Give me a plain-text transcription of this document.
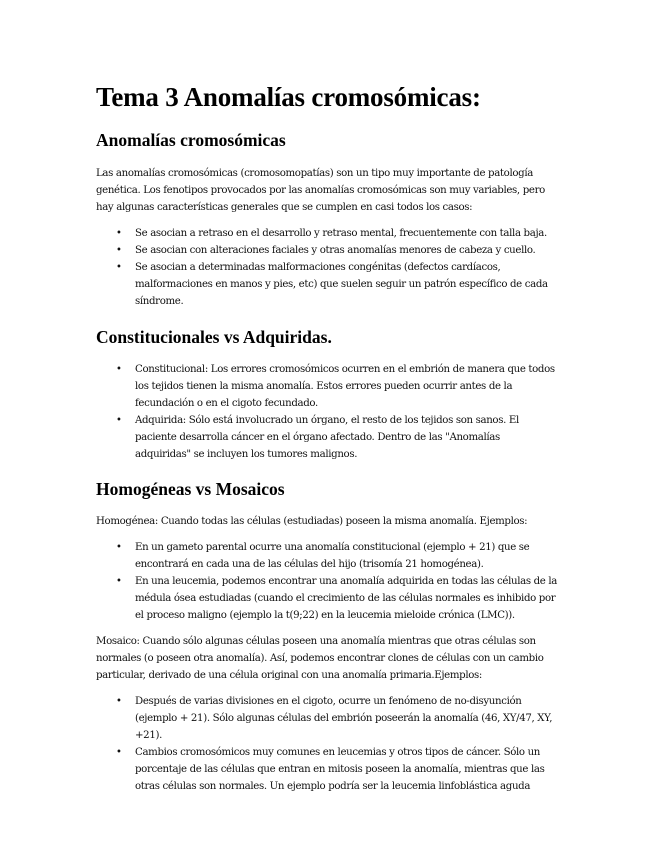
Tema 3 Anomalías cromosómicas:
Anomalías cromosómicas

Las anomalías cromosómicas (cromosomopatías) son un tipo muy importante de patología genética. Los fenotipos provocados por las anomalías cromosómicas son muy variables, pero hay algunas características generales que se cumplen en casi todos los casos:

• Se asocian a retraso en el desarrollo y retraso mental, frecuentemente con talla baja.
• Se asocian con alteraciones faciales y otras anomalías menores de cabeza y cuello.
• Se asocian a determinadas malformaciones congénitas (defectos cardíacos, malformaciones en manos y pies, etc) que suelen seguir un patrón específico de cada síndrome.
Constitucionales vs Adquiridas.
• Constitucional: Los errores cromosómicos ocurren en el embrión de manera que todos los tejidos tienen la misma anomalía. Estos errores pueden ocurrir antes de la fecundación o en el cigoto fecundado.
• Adquirida: Sólo está involucrado un órgano, el resto de los tejidos son sanos. El paciente desarrolla cáncer en el órgano afectado. Dentro de las "Anomalías adquiridas" se incluyen los tumores malignos.
Homogéneas vs Mosaicos

Homogénea: Cuando todas las células (estudiadas) poseen la misma anomalía. Ejemplos:

• En un gameto parental ocurre una anomalía constitucional (ejemplo + 21) que se encontrará en cada una de las células del hijo (trisomía 21 homogénea).
• En una leucemia, podemos encontrar una anomalía adquirida en todas las células de la médula ósea estudiadas (cuando el crecimiento de las células normales es inhibido por el proceso maligno (ejemplo la t(9;22) en la leucemia mieloide crónica (LMC)).

Mosaico: Cuando sólo algunas células poseen una anomalía mientras que otras células son normales (o poseen otra anomalía). Así, podemos encontrar clones de células con un cambio particular, derivado de una célula original con una anomalía primaria.Ejemplos:

• Después de varias divisiones en el cigoto, ocurre un fenómeno de no-disyunción (ejemplo + 21). Sólo algunas células del embrión poseerán la anomalía (46, XY/47, XY, +21).
• Cambios cromosómicos muy comunes en leucemias y otros tipos de cáncer. Sólo un porcentaje de las células que entran en mitosis poseen la anomalía, mientras que las otras células son normales. Un ejemplo podría ser la leucemia linfoblástica aguda
